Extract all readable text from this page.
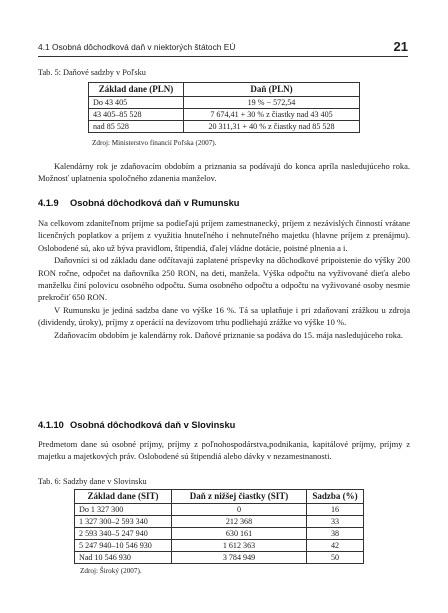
4.1 Osobná dôchodková daň v niektorých štátoch EÚ	21
Tab. 5: Daňové sadzby v Poľsku
Základ dane (PLN)	Daň (PLN)
Do 43 405	19 % − 572,54
43 405–85 528	7 674,41 + 30 % z čiastky nad 43 405
nad 85 528	20 311,31 + 40 % z čiastky nad 85 528
Zdroj: Ministerstvo financií Poľska (2007).

Kalendárny rok je zdaňovacím obdobím a priznania sa podávajú do konca apríla nasledujúceho roka. Možnosť uplatnenia spoločného zdanenia manželov.

4.1.9 Osobná dôchodková daň v Rumunsku

Na celkovom zdaniteľnom príjme sa podieľajú príjem zamestnanecký, príjem z nezávislých činností vrátane licenčných poplatkov a príjem z využitia hnuteľného i nehnuteľného majetku (hlavne príjem z prenájmu). Oslobodené sú, ako už býva pravidlom, štipendiá, ďalej vládne dotácie, poistné plnenia a i.

Daňovníci si od základu dane odčítavajú zaplatené príspevky na dôchodkové pripoistenie do výšky 200 RON ročne, odpočet na daňovníka 250 RON, na deti, manžela. Výška odpočtu na vyživované dieťa alebo manželku činí polovicu osobného odpočtu. Suma osobného odpočtu a odpočtu na vyživované osoby nesmie prekročiť 650 RON.

V Rumunsku je jediná sadzba dane vo výške 16 %. Tá sa uplatňuje i pri zdaňovaní zrážkou u zdroja (dividendy, úroky), príjmy z operácií na devízovom trhu podliehajú zrážke vo výške 10 %.

Zdaňovacím obdobím je kalendárny rok. Daňové priznanie sa podáva do 15. mája nasledujúceho roka.

4.1.10 Osobná dôchodková daň v Slovinsku

Predmetom dane sú osobné príjmy, príjmy z poľnohospodárstva,podnikania, kapitálové príjmy, príjmy z majetku a majetkových práv. Oslobodené sú štipendiá alebo dávky v nezamestnanosti.

Tab. 6: Sadzby dane v Slovinsku
Základ dane (SIT)	Daň z nižšej čiastky (SIT)	Sadzba (%)
Do 1 327 300	0	16
1 327 300–2 593 340	212 368	33
2 593 340–5 247 940	630 161	38
5 247 940–10 546 930	1 612 363	42
Nad 10 546 930	3 784 949	50
Zdroj: Široký (2007).
